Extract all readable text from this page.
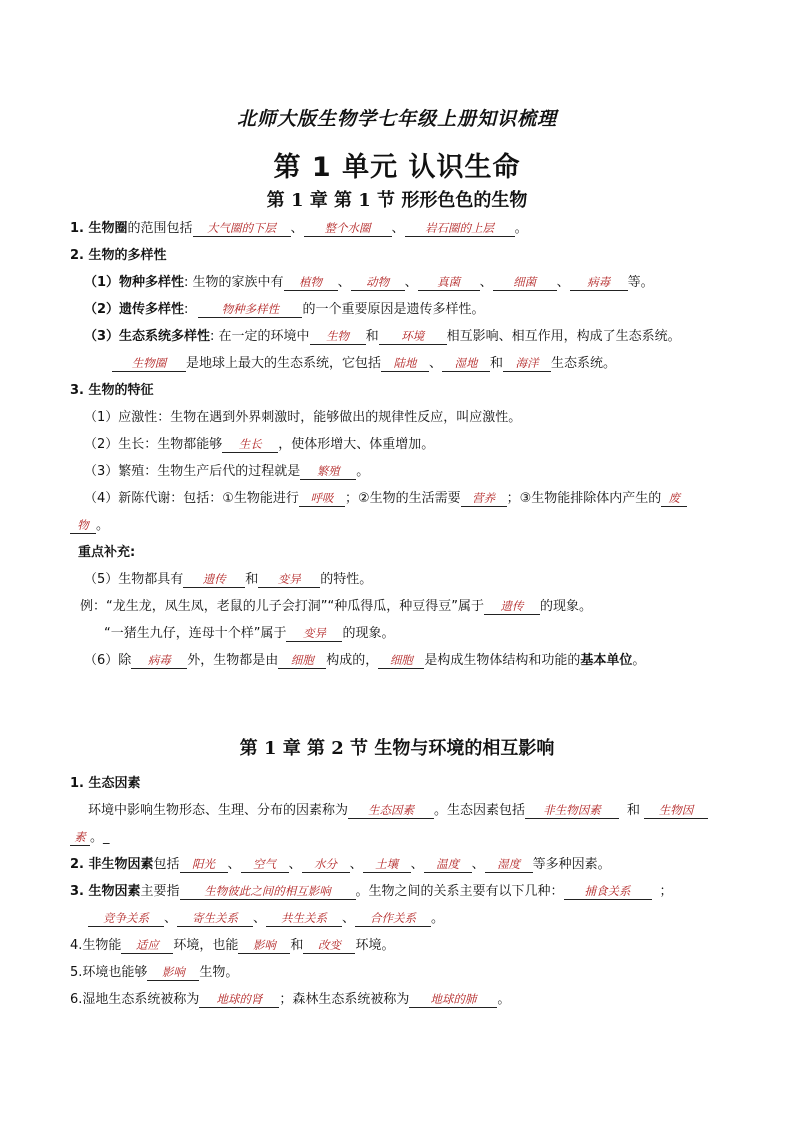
北师大版生物学七年级上册知识梳理
第 1 单元 认识生命
第 1 章 第 1 节 形形色色的生物
1. 生物圈的范围包括 大气圈的下层 、 整个水圈 、 岩石圈的上层 。
2. 生物的多样性
（1）物种多样性: 生物的家族中有 植物 、 动物 、 真菌 、 细菌 、 病毒 等。
（2）遗传多样性:	物种多样性 的一个重要原因是遗传多样性。
（3）生态系统多样性: 在一定的环境中 生物 和 环境 相互影响、相互作用，构成了生态系统。
生物圈 是地球上最大的生态系统，它包括 陆地 、 湿地 和 海洋 生态系统。
3. 生物的特征
（1）应激性：生物在遇到外界刺激时，能够做出的规律性反应，叫应激性。
（2）生长：生物都能够 生长 ，使体形增大、体重增加。
（3）繁殖：生物生产后代的过程就是 繁殖 。
（4）新陈代谢：包括：①生物能进行 呼吸 ；②生物的生活需要 营养 ；③生物能排除体内产生的 废
物 。
重点补充:
（5）生物都具有 遗传 和 变异 的特性。
例：“龙生龙，凤生凤，老鼠的儿子会打洞”“种瓜得瓜，种豆得豆”属于 遗传 的现象。
“一猪生九仔，连母十个样”属于 变异 的现象。
（6）除 病毒 外，生物都是由 细胞 构成的， 细胞 是构成生物体结构和功能的基本单位。
第 1 章 第 2 节 生物与环境的相互影响
1. 生态因素
环境中影响生物形态、生理、分布的因素称为 生态因素 。生态因素包括 非生物因素 和 生物因
素 。_
2. 非生物因素包括 阳光 、 空气 、 水分 、 土壤 、 温度 、 湿度 等多种因素。
3. 生物因素主要指 生物彼此之间的相互影响 。生物之间的关系主要有以下几种： 捕食关系 ；
竞争关系 、 寄生关系 、 共生关系 、 合作关系 。
4.生物能 适应 环境，也能 影响 和 改变 环境。
5.环境也能够 影响 生物。
6.湿地生态系统被称为 地球的肾 ；森林生态系统被称为 地球的肺 。
